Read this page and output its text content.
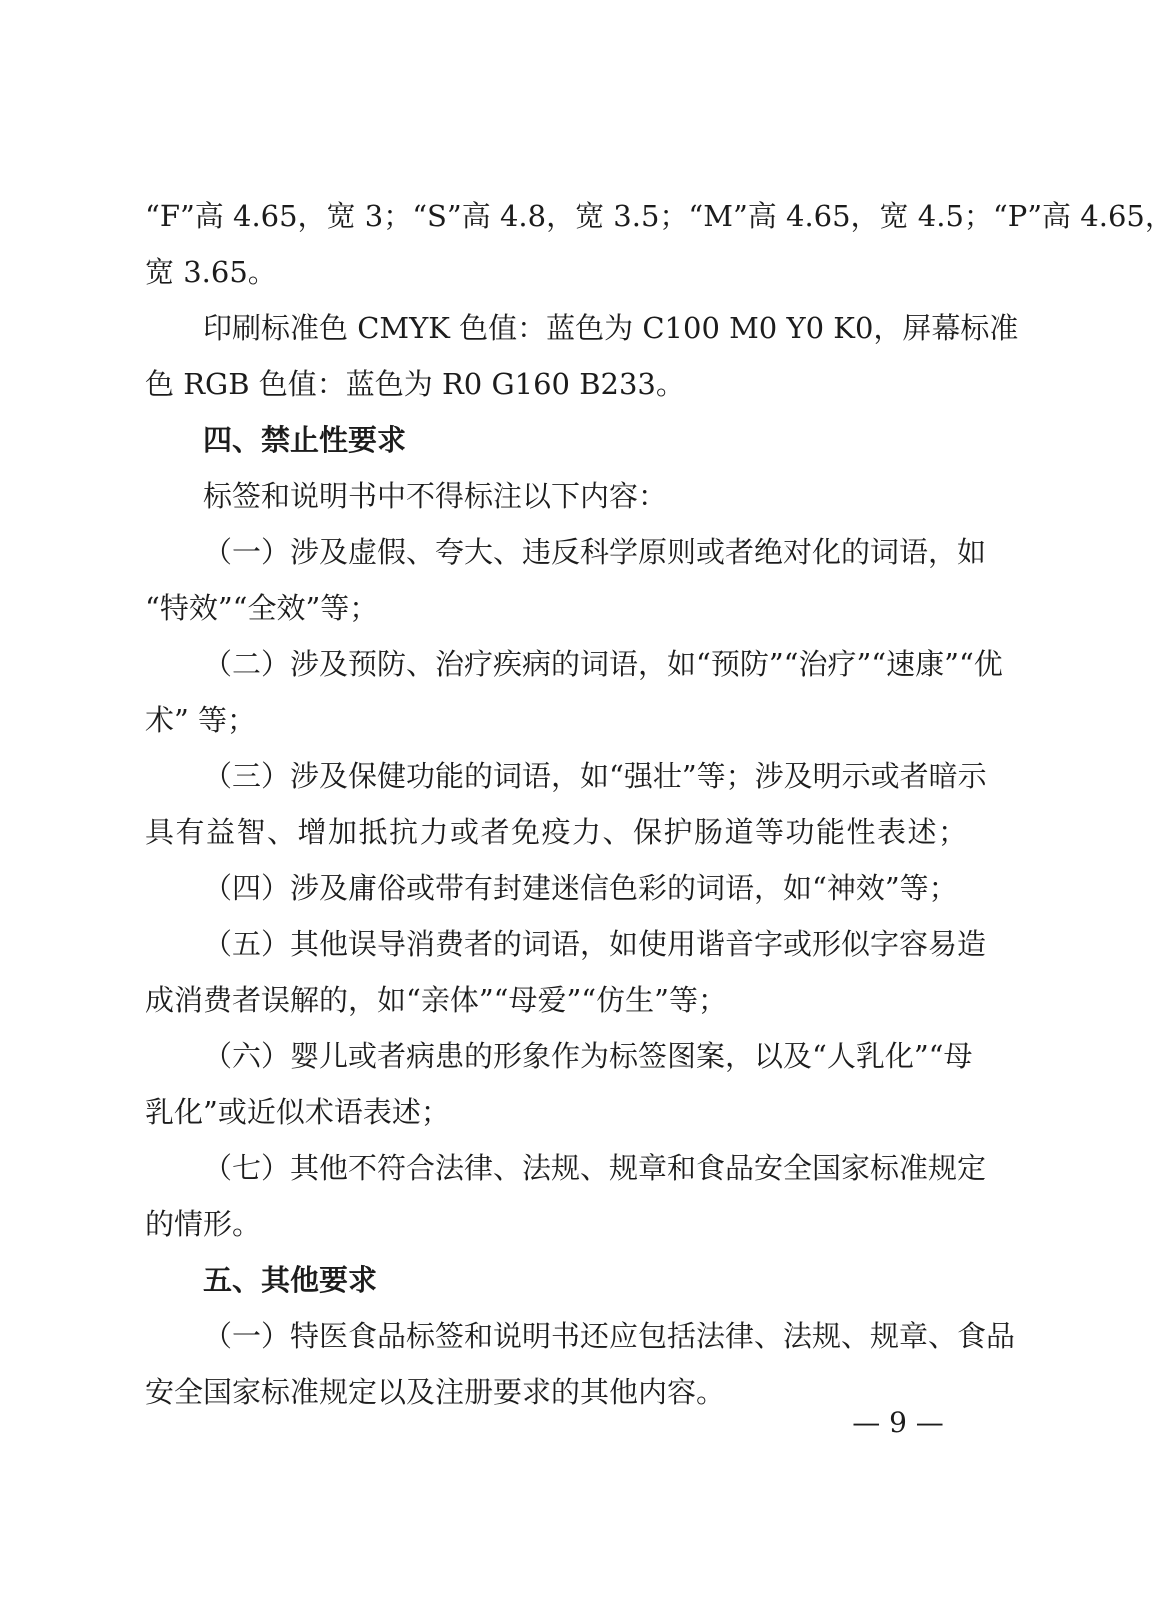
“F”高 4.65，宽 3；“S”高 4.8，宽 3.5；“M”高 4.65，宽 4.5；“P”高 4.65，
宽 3.65。
印刷标准色 CMYK 色值：蓝色为 C100 M0 Y0 K0，屏幕标准
色 RGB 色值：蓝色为 R0 G160 B233。
四、禁止性要求
标签和说明书中不得标注以下内容：
（一）涉及虚假、夸大、违反科学原则或者绝对化的词语，如
“特效”“全效”等；
（二）涉及预防、治疗疾病的词语，如“预防”“治疗”“速康”“优
术” 等；
（三）涉及保健功能的词语，如“强壮”等；涉及明示或者暗示
具有益智、增加抵抗力或者免疫力、保护肠道等功能性表述；
（四）涉及庸俗或带有封建迷信色彩的词语，如“神效”等；
（五）其他误导消费者的词语，如使用谐音字或形似字容易造
成消费者误解的，如“亲体”“母爱”“仿生”等；
（六）婴儿或者病患的形象作为标签图案，以及“人乳化”“母
乳化”或近似术语表述；
（七）其他不符合法律、法规、规章和食品安全国家标准规定
的情形。
五、其他要求
（一）特医食品标签和说明书还应包括法律、法规、规章、食品
安全国家标准规定以及注册要求的其他内容。
— 9 —
